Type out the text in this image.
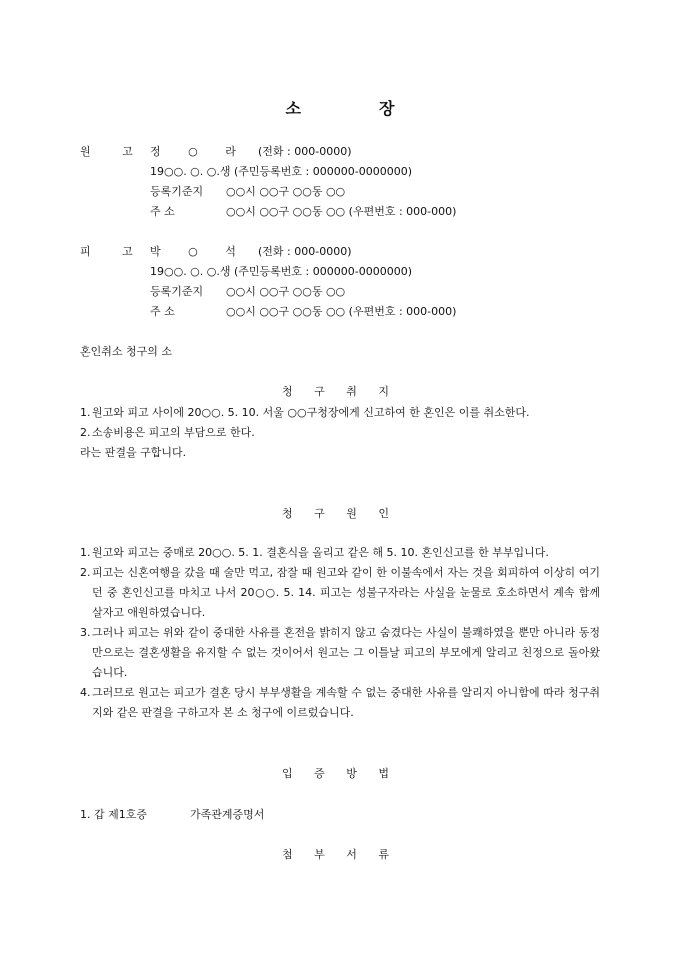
소	장
원 고 정 ○ 라 (전화 : 000-0000)
19○○. ○. ○.생 (주민등록번호 : 000000-0000000)
등록기준지 ○○시 ○○구 ○○동 ○○
주 소	○○시 ○○구 ○○동 ○○ (우편번호 : 000-000)
피 고 박 ○ 석 (전화 : 000-0000)
19○○. ○. ○.생 (주민등록번호 : 000000-0000000)
등록기준지 ○○시 ○○구 ○○동 ○○
주 소	○○시 ○○구 ○○동 ○○ (우편번호 : 000-000)
혼인취소 청구의 소
청 구 취 지
1. 원고와 피고 사이에 20○○. 5. 10. 서울 ○○구청장에게 신고하여 한 혼인은 이를 취소한다.
2. 소송비용은 피고의 부담으로 한다.
라는 판결을 구합니다.
청 구 원 인
1. 원고와 피고는 중매로 20○○. 5. 1. 결혼식을 올리고 같은 해 5. 10. 혼인신고를 한 부부입니다.
2. 피고는 신혼여행을 갔을 때 술만 먹고, 잠잘 때 원고와 같이 한 이불속에서 자는 것을 회피하여 이상히 여기던 중 혼인신고를 마치고 나서 20○○. 5. 14. 피고는 성불구자라는 사실을 눈물로 호소하면서 계속 함께 살자고 애원하였습니다.
3. 그러나 피고는 위와 같이 중대한 사유를 혼전을 밝히지 않고 숨겼다는 사실이 불쾌하였을 뿐만 아니라 동정만으로는 결혼생활을 유지할 수 없는 것이어서 원고는 그 이틀날 피고의 부모에게 알리고 친정으로 돌아왔습니다.
4. 그러므로 원고는 피고가 결혼 당시 부부생활을 계속할 수 없는 중대한 사유를 알리지 아니함에 따라 청구취지와 같은 판결을 구하고자 본 소 청구에 이르렀습니다.
입 증 방 법
1. 갑 제1호증	가족관계증명서
첨 부 서 류
